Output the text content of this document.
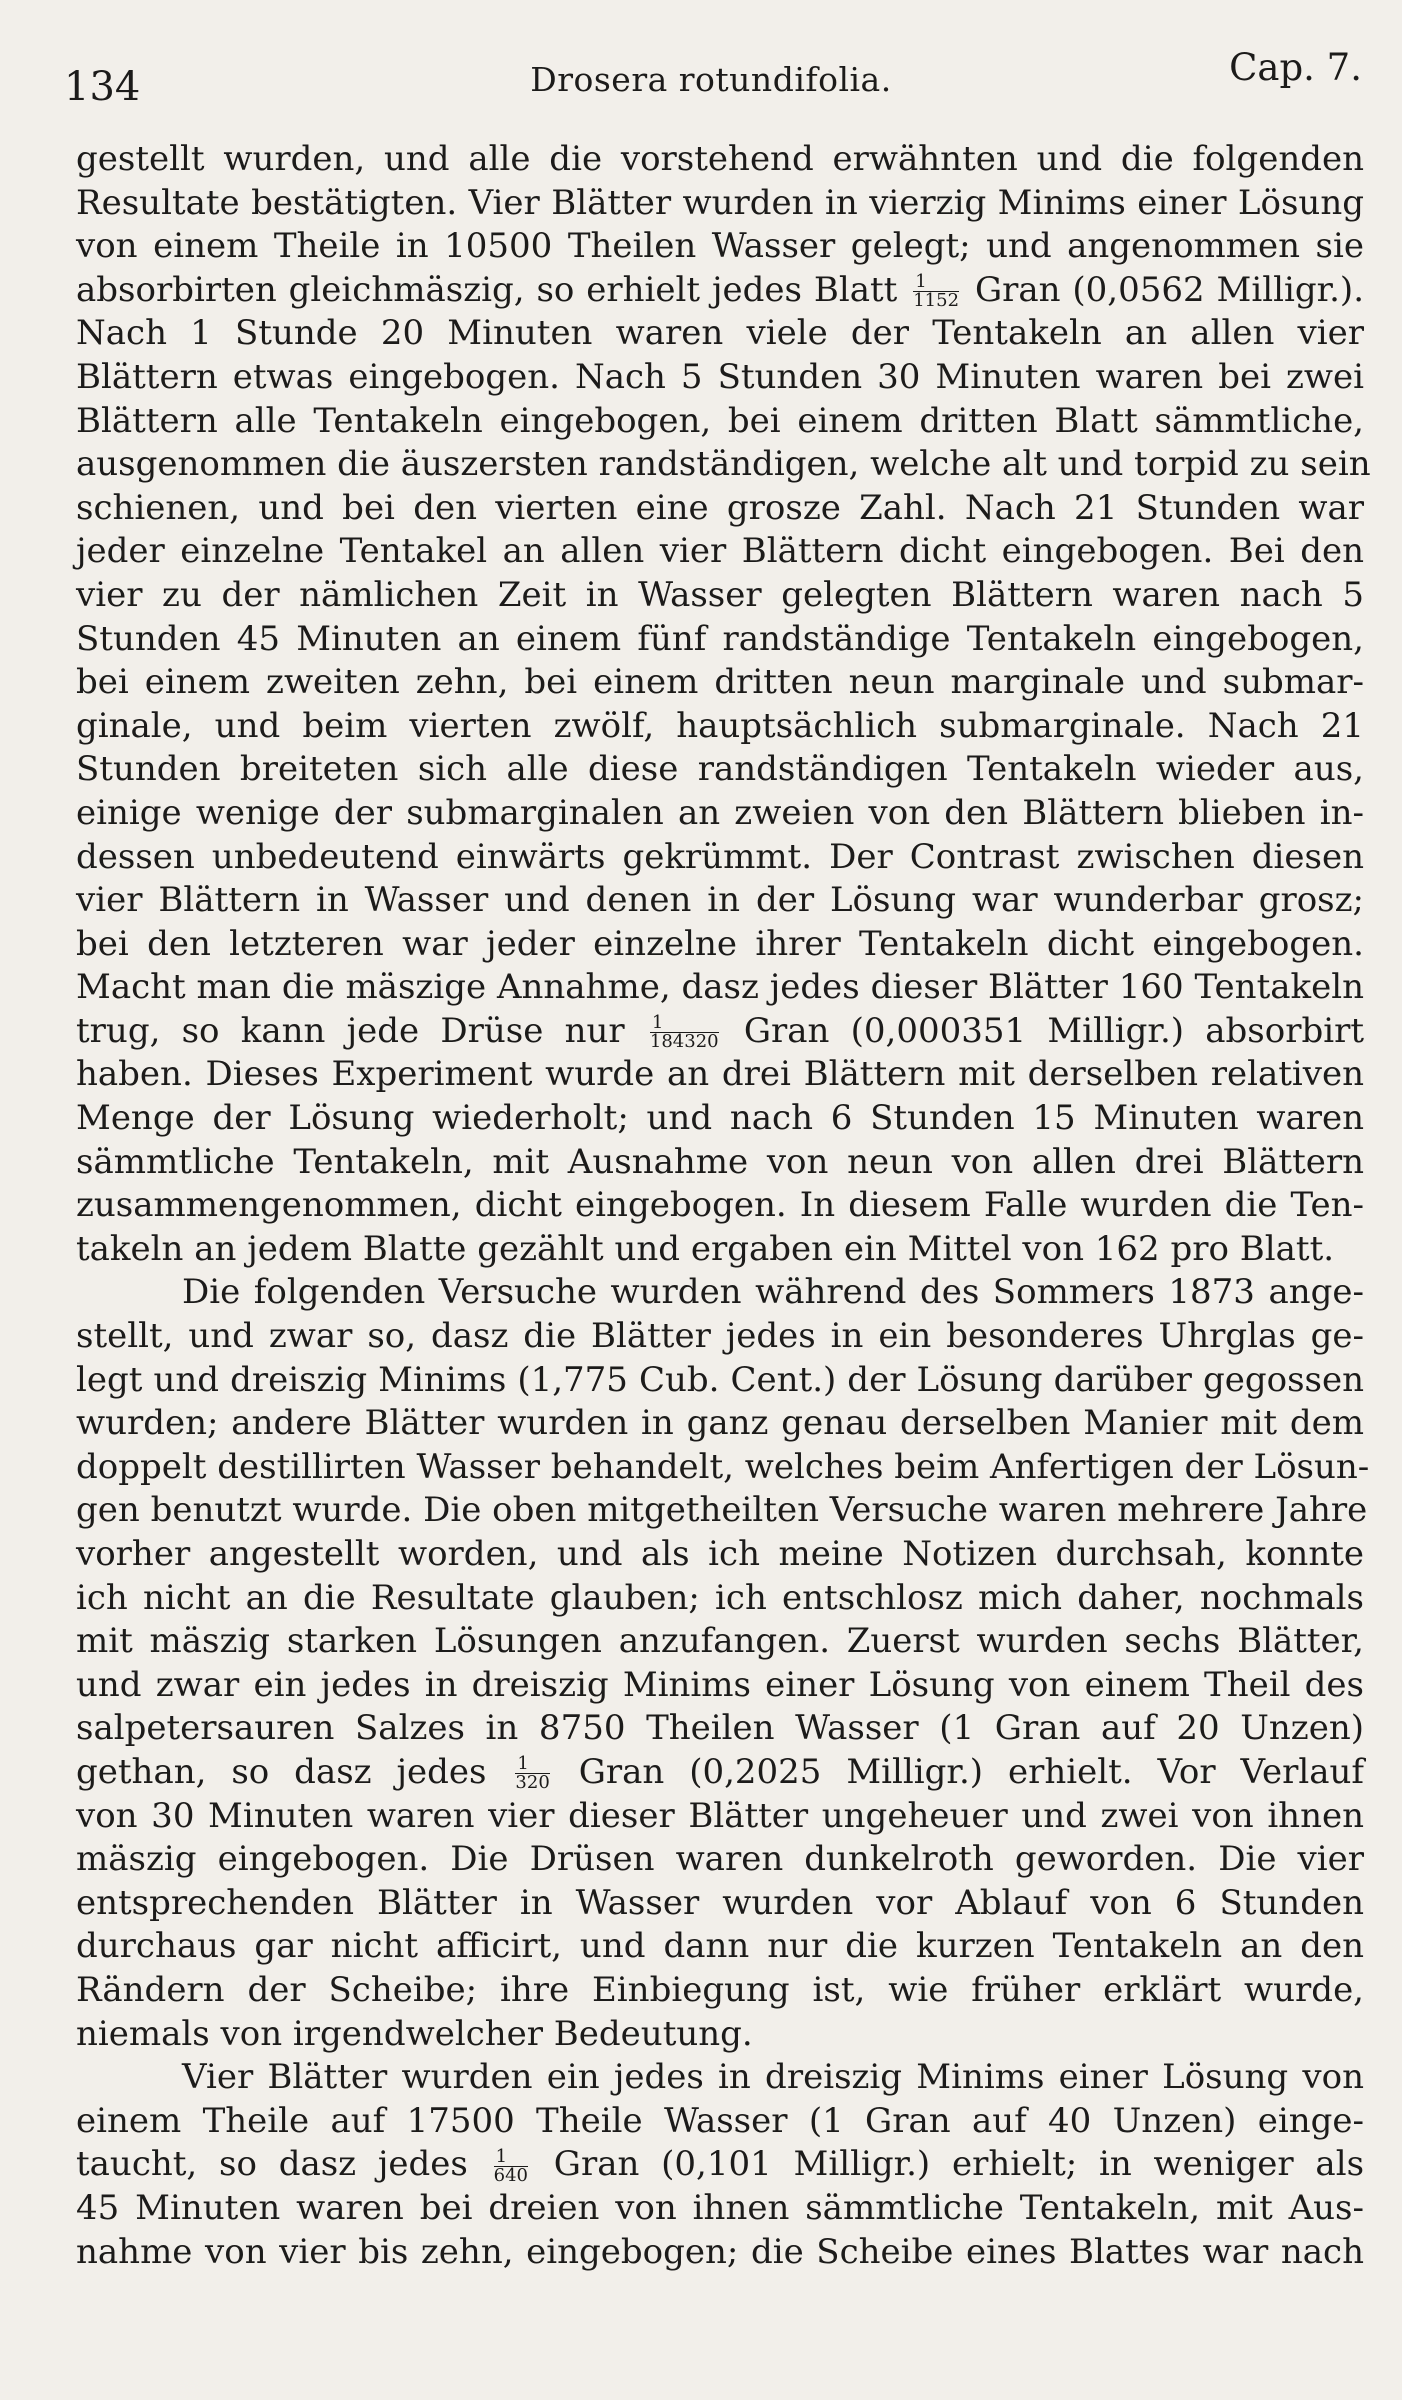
134	Drosera rotundifolia.	Cap. 7.
gestellt wurden, und alle die vorstehend erwähnten und die folgenden
Resultate bestätigten. Vier Blätter wurden in vierzig Minims einer Lösung
von einem Theile in 10500 Theilen Wasser gelegt; und angenommen sie
absorbirten gleichmäszig, so erhielt jedes Blatt $\frac{1}{1152}$ Gran (0,0562 Milligr.).
Nach 1 Stunde 20 Minuten waren viele der Tentakeln an allen vier
Blättern etwas eingebogen. Nach 5 Stunden 30 Minuten waren bei zwei
Blättern alle Tentakeln eingebogen, bei einem dritten Blatt sämmtliche,
ausgenommen die äuszersten randständigen, welche alt und torpid zu sein
schienen, und bei den vierten eine grosze Zahl. Nach 21 Stunden war
jeder einzelne Tentakel an allen vier Blättern dicht eingebogen. Bei den
vier zu der nämlichen Zeit in Wasser gelegten Blättern waren nach 5
Stunden 45 Minuten an einem fünf randständige Tentakeln eingebogen,
bei einem zweiten zehn, bei einem dritten neun marginale und submar-
ginale, und beim vierten zwölf, hauptsächlich submarginale. Nach 21
Stunden breiteten sich alle diese randständigen Tentakeln wieder aus,
einige wenige der submarginalen an zweien von den Blättern blieben in-
dessen unbedeutend einwärts gekrümmt. Der Contrast zwischen diesen
vier Blättern in Wasser und denen in der Lösung war wunderbar grosz;
bei den letzteren war jeder einzelne ihrer Tentakeln dicht eingebogen.
Macht man die mäszige Annahme, dasz jedes dieser Blätter 160 Tentakeln
trug, so kann jede Drüse nur $\frac{1}{184320}$ Gran (0,000351 Milligr.) absorbirt
haben. Dieses Experiment wurde an drei Blättern mit derselben relativen
Menge der Lösung wiederholt; und nach 6 Stunden 15 Minuten waren
sämmtliche Tentakeln, mit Ausnahme von neun von allen drei Blättern
zusammengenommen, dicht eingebogen. In diesem Falle wurden die Ten-
takeln an jedem Blatte gezählt und ergaben ein Mittel von 162 pro Blatt.
Die folgenden Versuche wurden während des Sommers 1873 ange-
stellt, und zwar so, dasz die Blätter jedes in ein besonderes Uhrglas ge-
legt und dreiszig Minims (1,775 Cub. Cent.) der Lösung darüber gegossen
wurden; andere Blätter wurden in ganz genau derselben Manier mit dem
doppelt destillirten Wasser behandelt, welches beim Anfertigen der Lösun-
gen benutzt wurde. Die oben mitgetheilten Versuche waren mehrere Jahre
vorher angestellt worden, und als ich meine Notizen durchsah, konnte
ich nicht an die Resultate glauben; ich entschlosz mich daher, nochmals
mit mäszig starken Lösungen anzufangen. Zuerst wurden sechs Blätter,
und zwar ein jedes in dreiszig Minims einer Lösung von einem Theil des
salpetersauren Salzes in 8750 Theilen Wasser (1 Gran auf 20 Unzen)
gethan, so dasz jedes $\frac{1}{320}$ Gran (0,2025 Milligr.) erhielt. Vor Verlauf
von 30 Minuten waren vier dieser Blätter ungeheuer und zwei von ihnen
mäszig eingebogen. Die Drüsen waren dunkelroth geworden. Die vier
entsprechenden Blätter in Wasser wurden vor Ablauf von 6 Stunden
durchaus gar nicht afficirt, und dann nur die kurzen Tentakeln an den
Rändern der Scheibe; ihre Einbiegung ist, wie früher erklärt wurde,
niemals von irgendwelcher Bedeutung.
Vier Blätter wurden ein jedes in dreiszig Minims einer Lösung von
einem Theile auf 17500 Theile Wasser (1 Gran auf 40 Unzen) einge-
taucht, so dasz jedes $\frac{1}{640}$ Gran (0,101 Milligr.) erhielt; in weniger als
45 Minuten waren bei dreien von ihnen sämmtliche Tentakeln, mit Aus-
nahme von vier bis zehn, eingebogen; die Scheibe eines Blattes war nach
